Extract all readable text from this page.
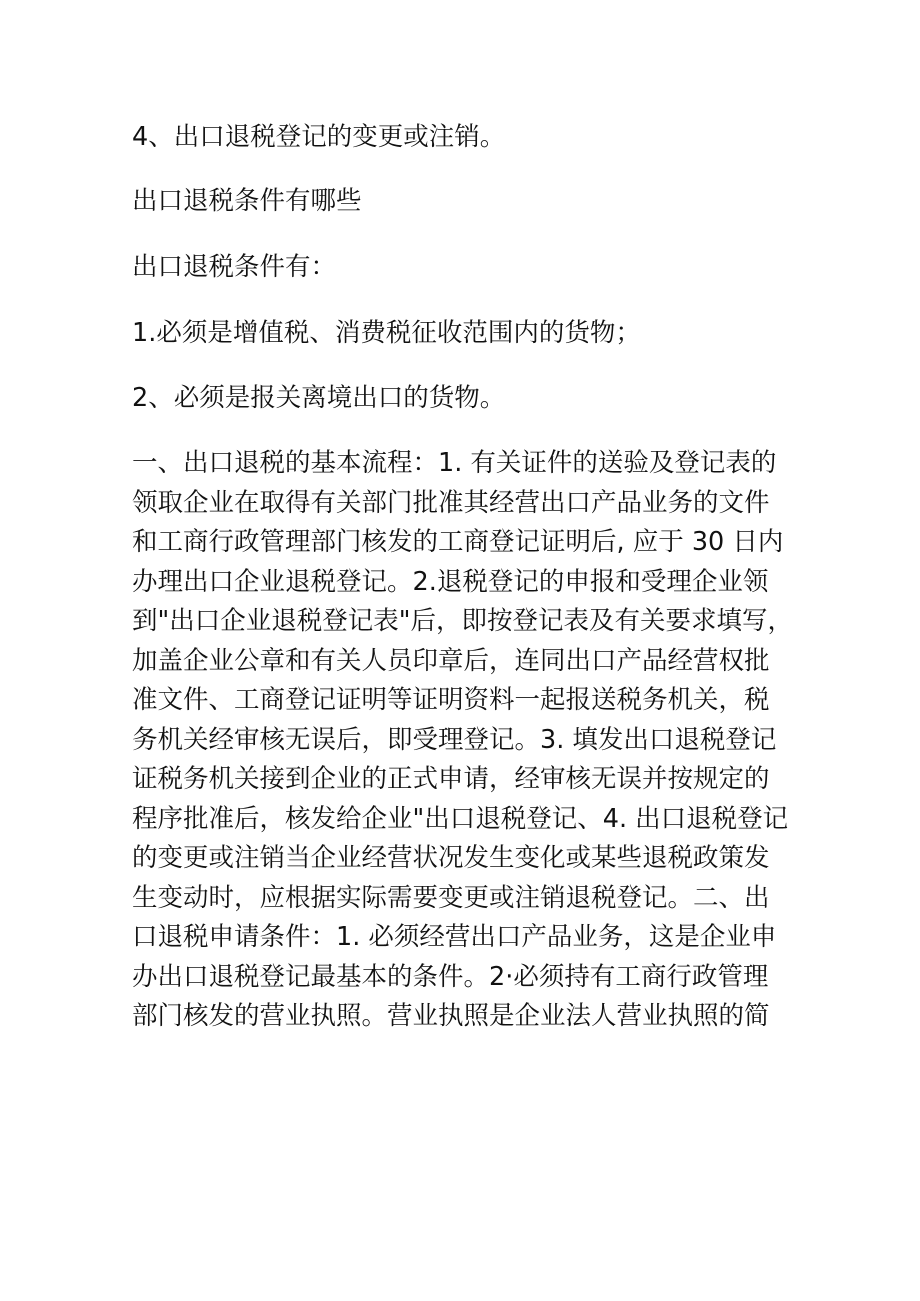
4、出口退税登记的变更或注销。

出口退税条件有哪些

出口退税条件有：

1.必须是增值税、消费税征收范围内的货物；

2、必须是报关离境出口的货物。

一、出口退税的基本流程：1. 有关证件的送验及登记表的
领取企业在取得有关部门批准其经营出口产品业务的文件
和工商行政管理部门核发的工商登记证明后, 应于 30 日内
办理出口企业退税登记。2.退税登记的申报和受理企业领
到"出口企业退税登记表"后，即按登记表及有关要求填写，
加盖企业公章和有关人员印章后，连同出口产品经营权批
准文件、工商登记证明等证明资料一起报送税务机关，税
务机关经审核无误后，即受理登记。3. 填发出口退税登记
证税务机关接到企业的正式申请，经审核无误并按规定的
程序批准后，核发给企业"出口退税登记、4. 出口退税登记
的变更或注销当企业经营状况发生变化或某些退税政策发
生变动时，应根据实际需要变更或注销退税登记。二、出
口退税申请条件：1. 必须经营出口产品业务，这是企业申
办出口退税登记最基本的条件。2·必须持有工商行政管理
部门核发的营业执照。营业执照是企业法人营业执照的简
